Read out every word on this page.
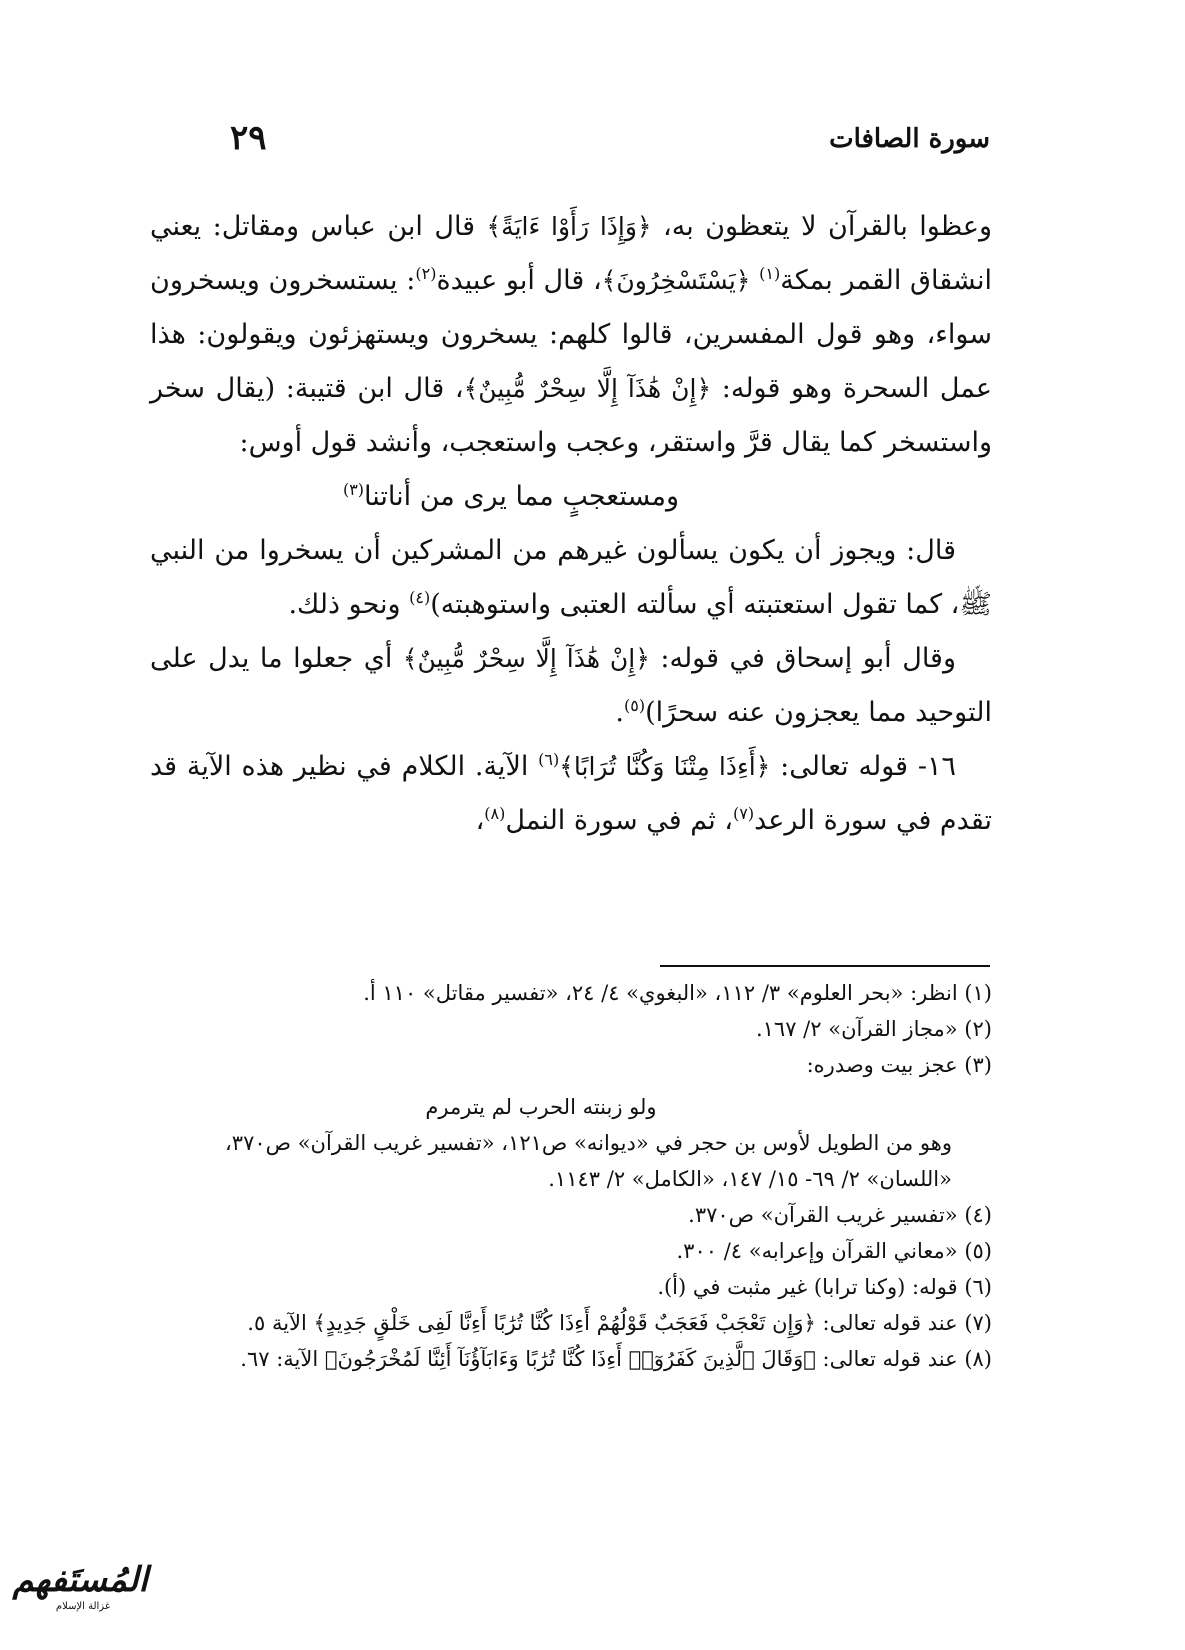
سورة الصافات
٢٩

وعظوا بالقرآن لا يتعظون به، ﴿وَإِذَا رَأَوْا ءَايَةً﴾ قال ابن عباس ومقاتل: يعني انشقاق القمر بمكة$^{(١)}$ ﴿يَسْتَسْخِرُونَ﴾، قال أبو عبيدة$^{(٢)}$: يستسخرون ويسخرون سواء، وهو قول المفسرين، قالوا كلهم: يسخرون ويستهزئون ويقولون: هذا عمل السحرة وهو قوله: ﴿إِنْ هَٰذَآ إِلَّا سِحْرٌ مُّبِينٌ﴾، قال ابن قتيبة: (يقال سخر واستسخر كما يقال قرَّ واستقر، وعجب واستعجب، وأنشد قول أوس:

ومستعجبٍ مما يرى من أناتنا$^{(٣)}$

قال: ويجوز أن يكون يسألون غيرهم من المشركين أن يسخروا من النبي ﷺ، كما تقول استعتبته أي سألته العتبى واستوهبته)$^{(٤)}$ ونحو ذلك.

وقال أبو إسحاق في قوله: ﴿إِنْ هَٰذَآ إِلَّا سِحْرٌ مُّبِينٌ﴾ أي جعلوا ما يدل على التوحيد مما يعجزون عنه سحرًا)$^{(٥)}$.

١٦- قوله تعالى: ﴿أَءِذَا مِتْنَا وَكُنَّا تُرَابًا﴾$^{(٦)}$ الآية. الكلام في نظير هذه الآية قد تقدم في سورة الرعد$^{(٧)}$، ثم في سورة النمل$^{(٨)}$،

(١) انظر: «بحر العلوم» ٣/ ١١٢، «البغوي» ٤/ ٢٤، «تفسير مقاتل» ١١٠ أ.

(٢) «مجاز القرآن» ٢/ ١٦٧.

(٣) عجز بيت وصدره:

ولو زبنته الحرب لم يترمرم

وهو من الطويل لأوس بن حجر في «ديوانه» ص١٢١، «تفسير غريب القرآن» ص٣٧٠، «اللسان» ٢/ ٦٩- ١٥/ ١٤٧، «الكامل» ٢/ ١١٤٣.

(٤) «تفسير غريب القرآن» ص٣٧٠.

(٥) «معاني القرآن وإعرابه» ٤/ ٣٠٠.

(٦) قوله: (وكنا ترابا) غير مثبت في (أ).

(٧) عند قوله تعالى: ﴿وَإِن تَعْجَبْ فَعَجَبٌ قَوْلُهُمْ أَءِذَا كُنَّا تُرَٰبًا أَءِنَّا لَفِى خَلْقٍ جَدِيدٍ﴾ الآية ٥.

(٨) عند قوله تعالى: ﴿وَقَالَ ٱلَّذِينَ كَفَرُوٓا۟ أَءِذَا كُنَّا تُرَٰبًا وَءَابَآؤُنَآ أَئِنَّا لَمُخْرَجُونَ﴾ الآية: ٦٧.

المُستَفهم
غزالة الإسلام
